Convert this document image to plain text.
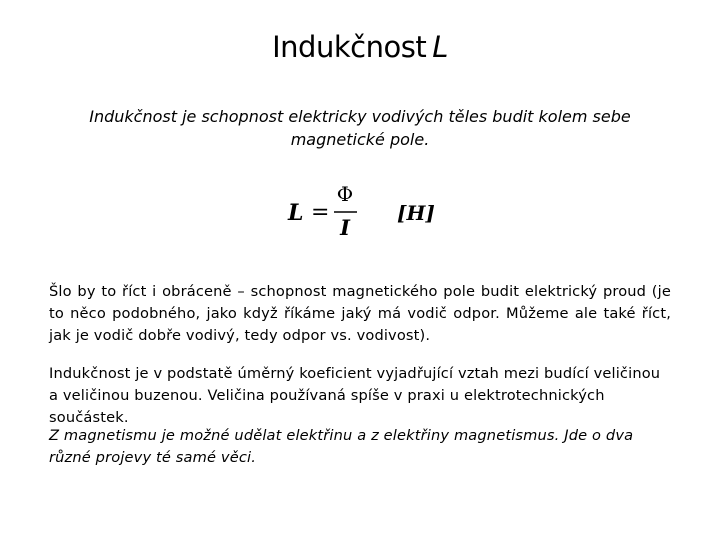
Indukčnost L
Indukčnost je schopnost elektricky vodivých těles budit kolem sebe magnetické pole.
L =
Φ
I
[H]
Šlo by to říct i obráceně – schopnost magnetického pole budit elektrický proud (je to něco podobného, jako když říkáme jaký má vodič odpor. Můžeme ale také říct, jak je vodič dobře vodivý, tedy odpor vs. vodivost).
Indukčnost je v podstatě úměrný koeficient vyjadřující vztah mezi budící veličinou a veličinou buzenou. Veličina používaná spíše v praxi u elektrotechnických součástek.
Z magnetismu je možné udělat elektřinu a z elektřiny magnetismus. Jde o dva různé projevy té samé věci.
